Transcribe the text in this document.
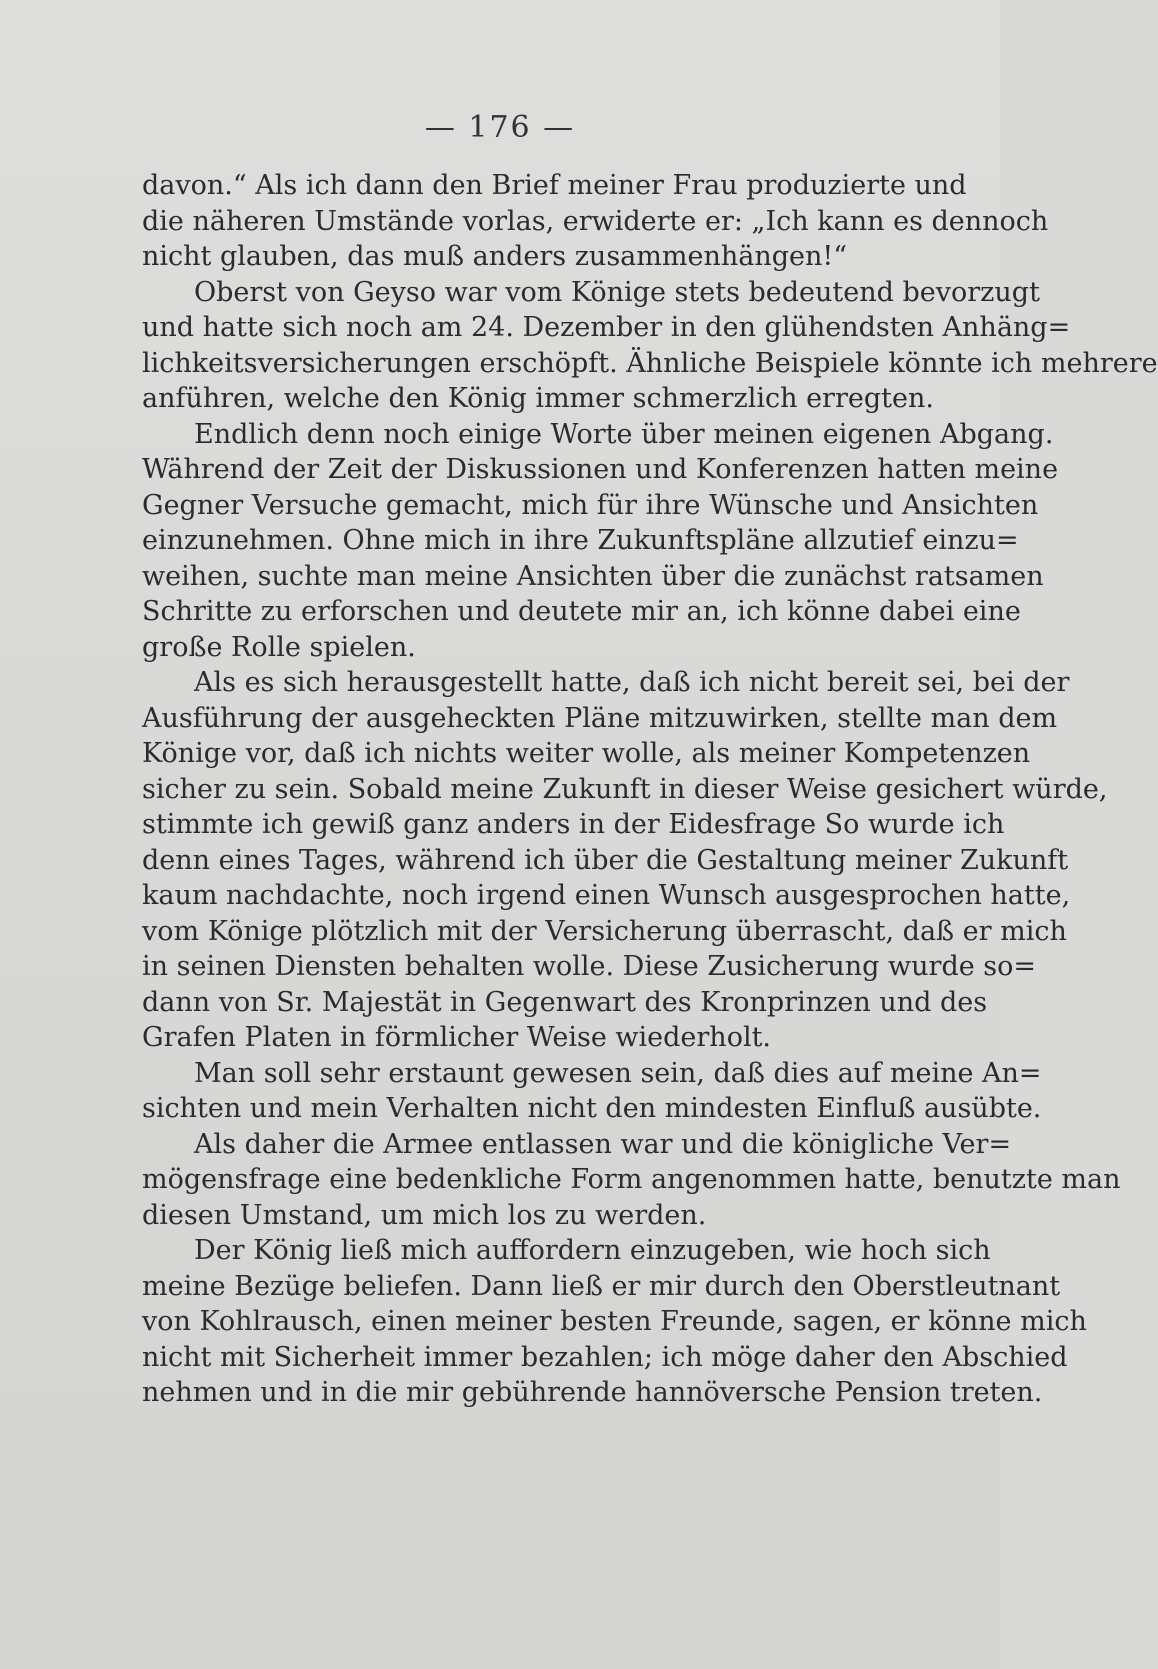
— 176 —
davon.“ Als ich dann den Brief meiner Frau produzierte und
die näheren Umstände vorlas, erwiderte er: „Ich kann es dennoch
nicht glauben, das muß anders zusammenhängen!“
Oberst von Geyso war vom Könige stets bedeutend bevorzugt
und hatte sich noch am 24. Dezember in den glühendsten Anhäng=
lichkeitsversicherungen erschöpft. Ähnliche Beispiele könnte ich mehrere
anführen, welche den König immer schmerzlich erregten.
Endlich denn noch einige Worte über meinen eigenen Abgang.
Während der Zeit der Diskussionen und Konferenzen hatten meine
Gegner Versuche gemacht, mich für ihre Wünsche und Ansichten
einzunehmen. Ohne mich in ihre Zukunftspläne allzutief einzu=
weihen, suchte man meine Ansichten über die zunächst ratsamen
Schritte zu erforschen und deutete mir an, ich könne dabei eine
große Rolle spielen.
Als es sich herausgestellt hatte, daß ich nicht bereit sei, bei der
Ausführung der ausgeheckten Pläne mitzuwirken, stellte man dem
Könige vor, daß ich nichts weiter wolle, als meiner Kompetenzen
sicher zu sein. Sobald meine Zukunft in dieser Weise gesichert würde,
stimmte ich gewiß ganz anders in der Eidesfrage So wurde ich
denn eines Tages, während ich über die Gestaltung meiner Zukunft
kaum nachdachte, noch irgend einen Wunsch ausgesprochen hatte,
vom Könige plötzlich mit der Versicherung überrascht, daß er mich
in seinen Diensten behalten wolle. Diese Zusicherung wurde so=
dann von Sr. Majestät in Gegenwart des Kronprinzen und des
Grafen Platen in förmlicher Weise wiederholt.
Man soll sehr erstaunt gewesen sein, daß dies auf meine An=
sichten und mein Verhalten nicht den mindesten Einfluß ausübte.
Als daher die Armee entlassen war und die königliche Ver=
mögensfrage eine bedenkliche Form angenommen hatte, benutzte man
diesen Umstand, um mich los zu werden.
Der König ließ mich auffordern einzugeben, wie hoch sich
meine Bezüge beliefen. Dann ließ er mir durch den Oberstleutnant
von Kohlrausch, einen meiner besten Freunde, sagen, er könne mich
nicht mit Sicherheit immer bezahlen; ich möge daher den Abschied
nehmen und in die mir gebührende hannöversche Pension treten.
